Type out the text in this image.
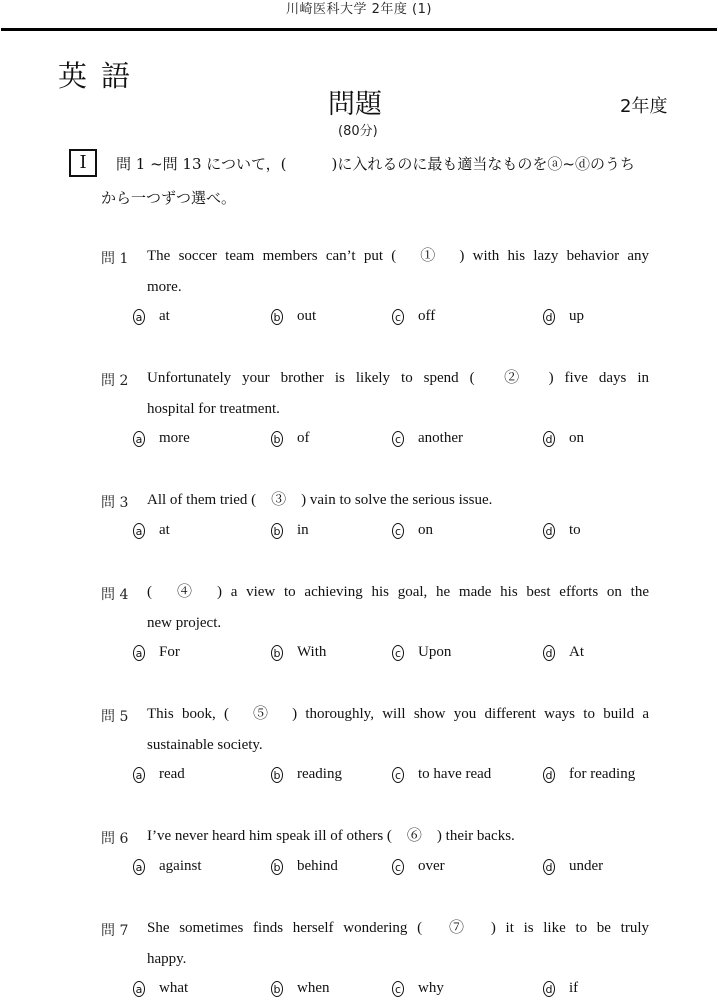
川崎医科大学 2年度 (1)
英語
問題
(80分)
2年度
I	問 1 ~問 13 について，(　　　)に入れるのに最も適当なものをⓐ~ⓓのうち
から一つずつ選べ。
問 1 The soccer team members can’t put (　①　) with his lazy behavior any
more.
a at	b out	c off	d up
問 2 Unfortunately your brother is likely to spend (　②　) five days in
hospital for treatment.
a more	b of	c another	d on
問 3 All of them tried (　③　) vain to solve the serious issue.
a at	b in	c on	d to
問 4 (　④　) a view to achieving his goal, he made his best efforts on the
new project.
a For	b With	c Upon	d At
問 5 This book, (　⑤　) thoroughly, will show you different ways to build a
sustainable society.
a read	b reading	c to have read	d for reading
問 6 I’ve never heard him speak ill of others (　⑥　) their backs.
a against	b behind	c over	d under
問 7 She sometimes finds herself wondering (　⑦　) it is like to be truly
happy.
a what	b when	c why	d if
